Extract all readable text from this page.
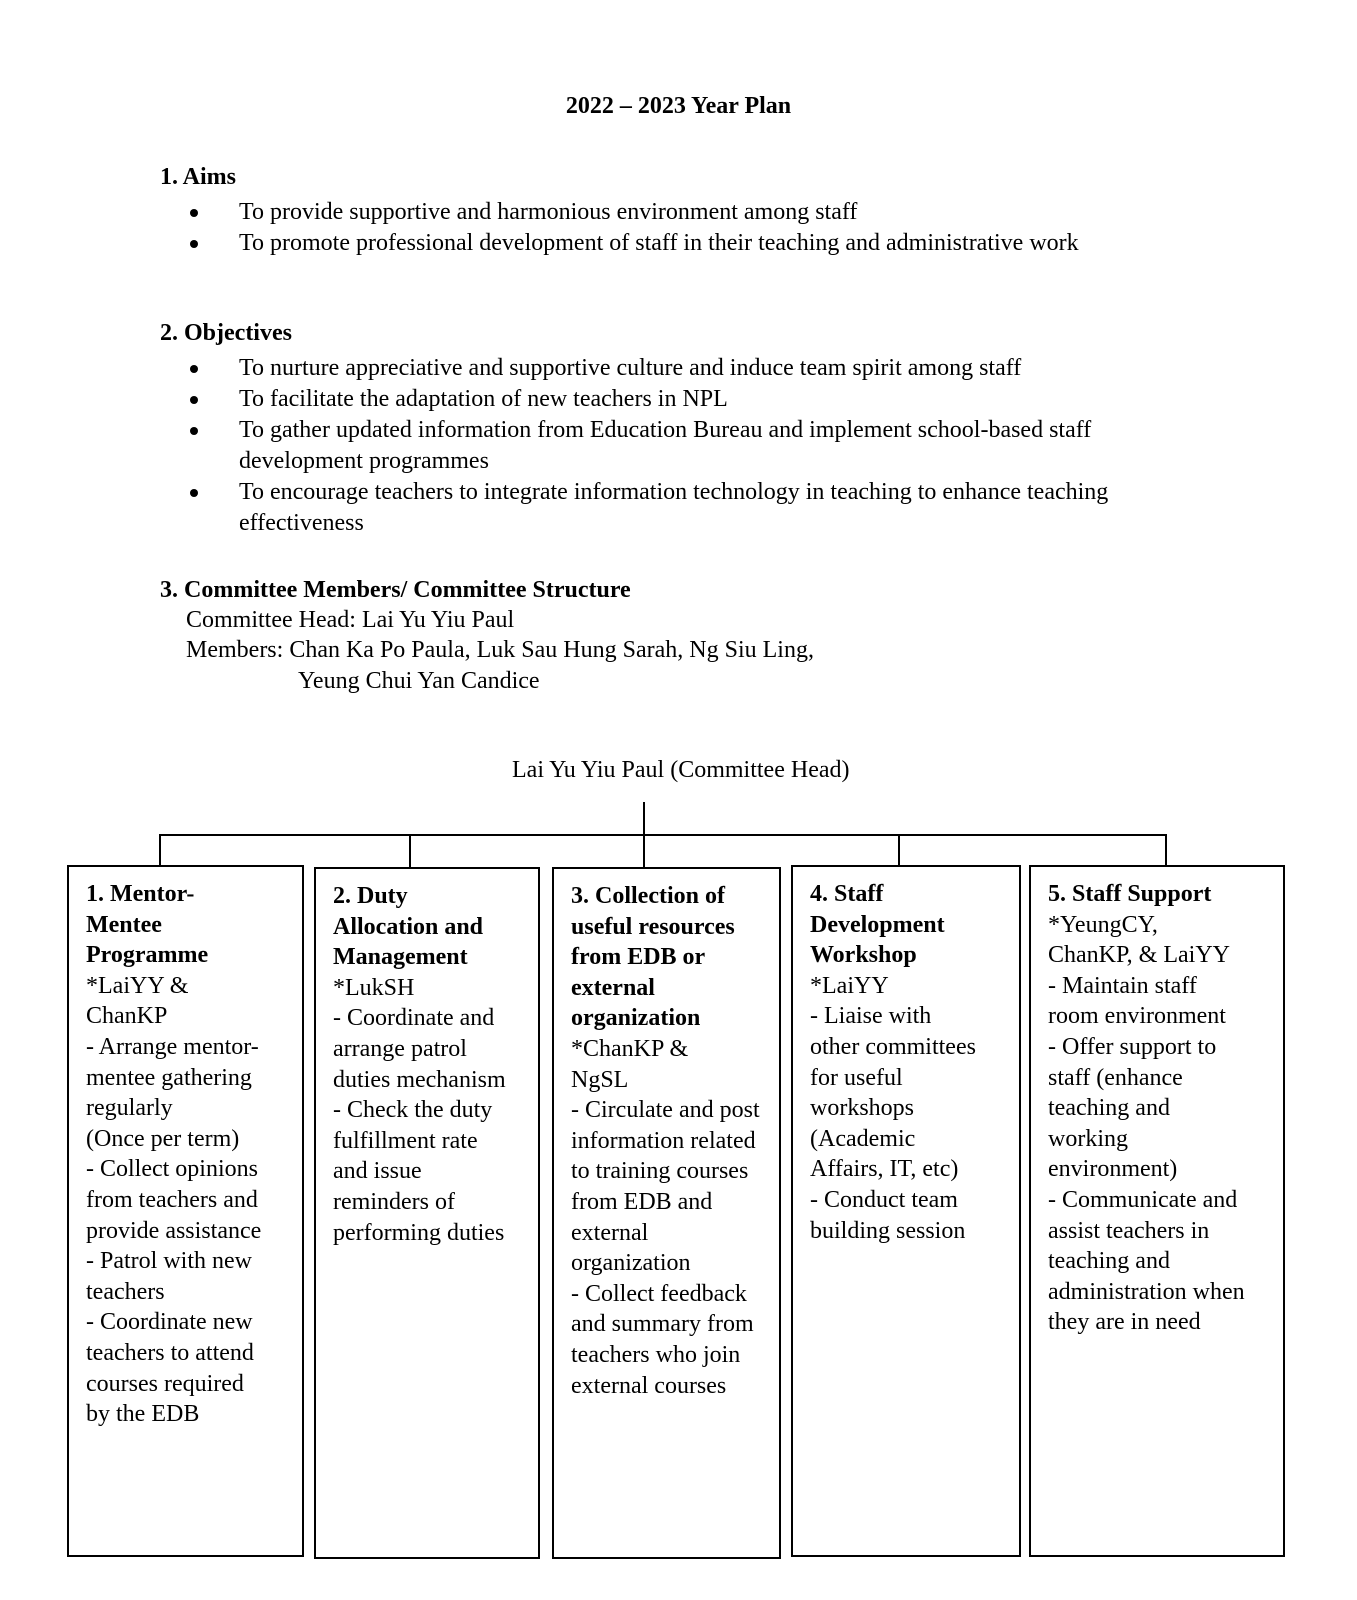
2022 – 2023 Year Plan
1. Aims
To provide supportive and harmonious environment among staff
To promote professional development of staff in their teaching and administrative work
2. Objectives
To nurture appreciative and supportive culture and induce team spirit among staff
To facilitate the adaptation of new teachers in NPL
To gather updated information from Education Bureau and implement school-based staff development programmes
To encourage teachers to integrate information technology in teaching to enhance teaching effectiveness
3. Committee Members/ Committee Structure
Committee Head: Lai Yu Yiu Paul
Members: Chan Ka Po Paula, Luk Sau Hung Sarah, Ng Siu Ling,
Yeung Chui Yan Candice
Lai Yu Yiu Paul (Committee Head)
1. Mentor-
Mentee
Programme
*LaiYY &
ChanKP
- Arrange mentor-
mentee gathering
regularly
(Once per term)
- Collect opinions
from teachers and
provide assistance
- Patrol with new
teachers
- Coordinate new
teachers to attend
courses required
by the EDB
2. Duty
Allocation and
Management
*LukSH
- Coordinate and
arrange patrol
duties mechanism
- Check the duty
fulfillment rate
and issue
reminders of
performing duties
3. Collection of
useful resources
from EDB or
external
organization
*ChanKP &
NgSL
- Circulate and post
information related
to training courses
from EDB and
external
organization
- Collect feedback
and summary from
teachers who join
external courses
4. Staff
Development
Workshop
*LaiYY
- Liaise with
other committees
for useful
workshops
(Academic
Affairs, IT, etc)
- Conduct team
building session
5. Staff Support
*YeungCY,
ChanKP, & LaiYY
- Maintain staff
room environment
- Offer support to
staff (enhance
teaching and
working
environment)
- Communicate and
assist teachers in
teaching and
administration when
they are in need
